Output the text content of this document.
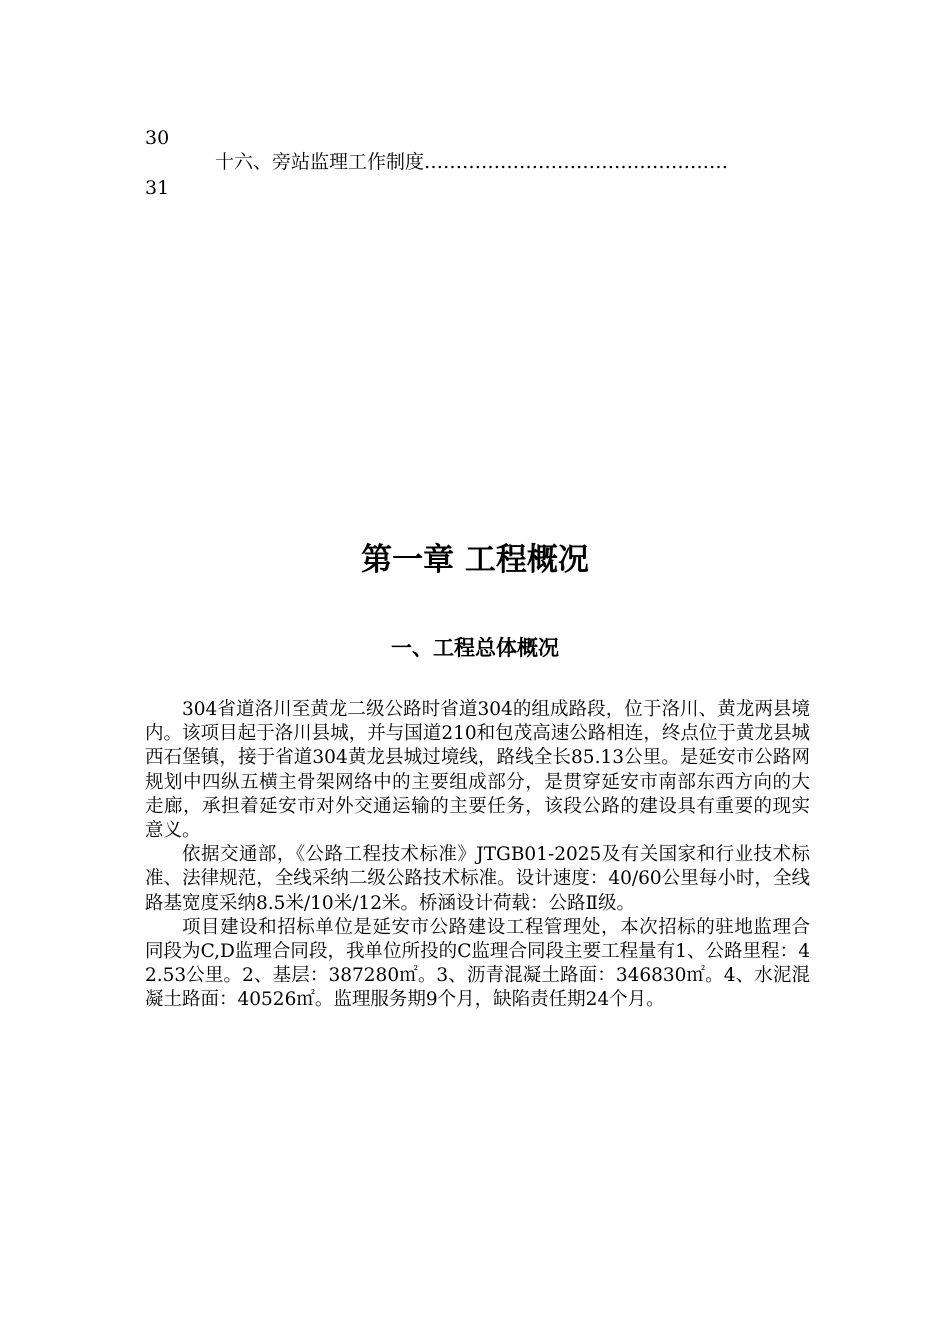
30
十六、旁站监理工作制度…………………………………………
31
第一章 工程概况
一、工程总体概况

304省道洛川至黄龙二级公路时省道304的组成路段，位于洛川、黄龙两县境内。该项目起于洛川县城，并与国道210和包茂高速公路相连，终点位于黄龙县城西石堡镇，接于省道304黄龙县城过境线，路线全长85.13公里。是延安市公路网规划中四纵五横主骨架网络中的主要组成部分，是贯穿延安市南部东西方向的大走廊，承担着延安市对外交通运输的主要任务，该段公路的建设具有重要的现实意义。

依据交通部，《公路工程技术标准》JTGB01-2025及有关国家和行业技术标准、法律规范，全线采纳二级公路技术标准。设计速度：40/60公里每小时，全线路基宽度采纳8.5米/10米/12米。桥涵设计荷载：公路Ⅱ级。

项目建设和招标单位是延安市公路建设工程管理处，本次招标的驻地监理合同段为C,D监理合同段，我单位所投的C监理合同段主要工程量有1、公路里程：42.53公里。2、基层：387280㎡。3、沥青混凝土路面：346830㎡。4、水泥混凝土路面：40526㎡。监理服务期9个月，缺陷责任期24个月。
